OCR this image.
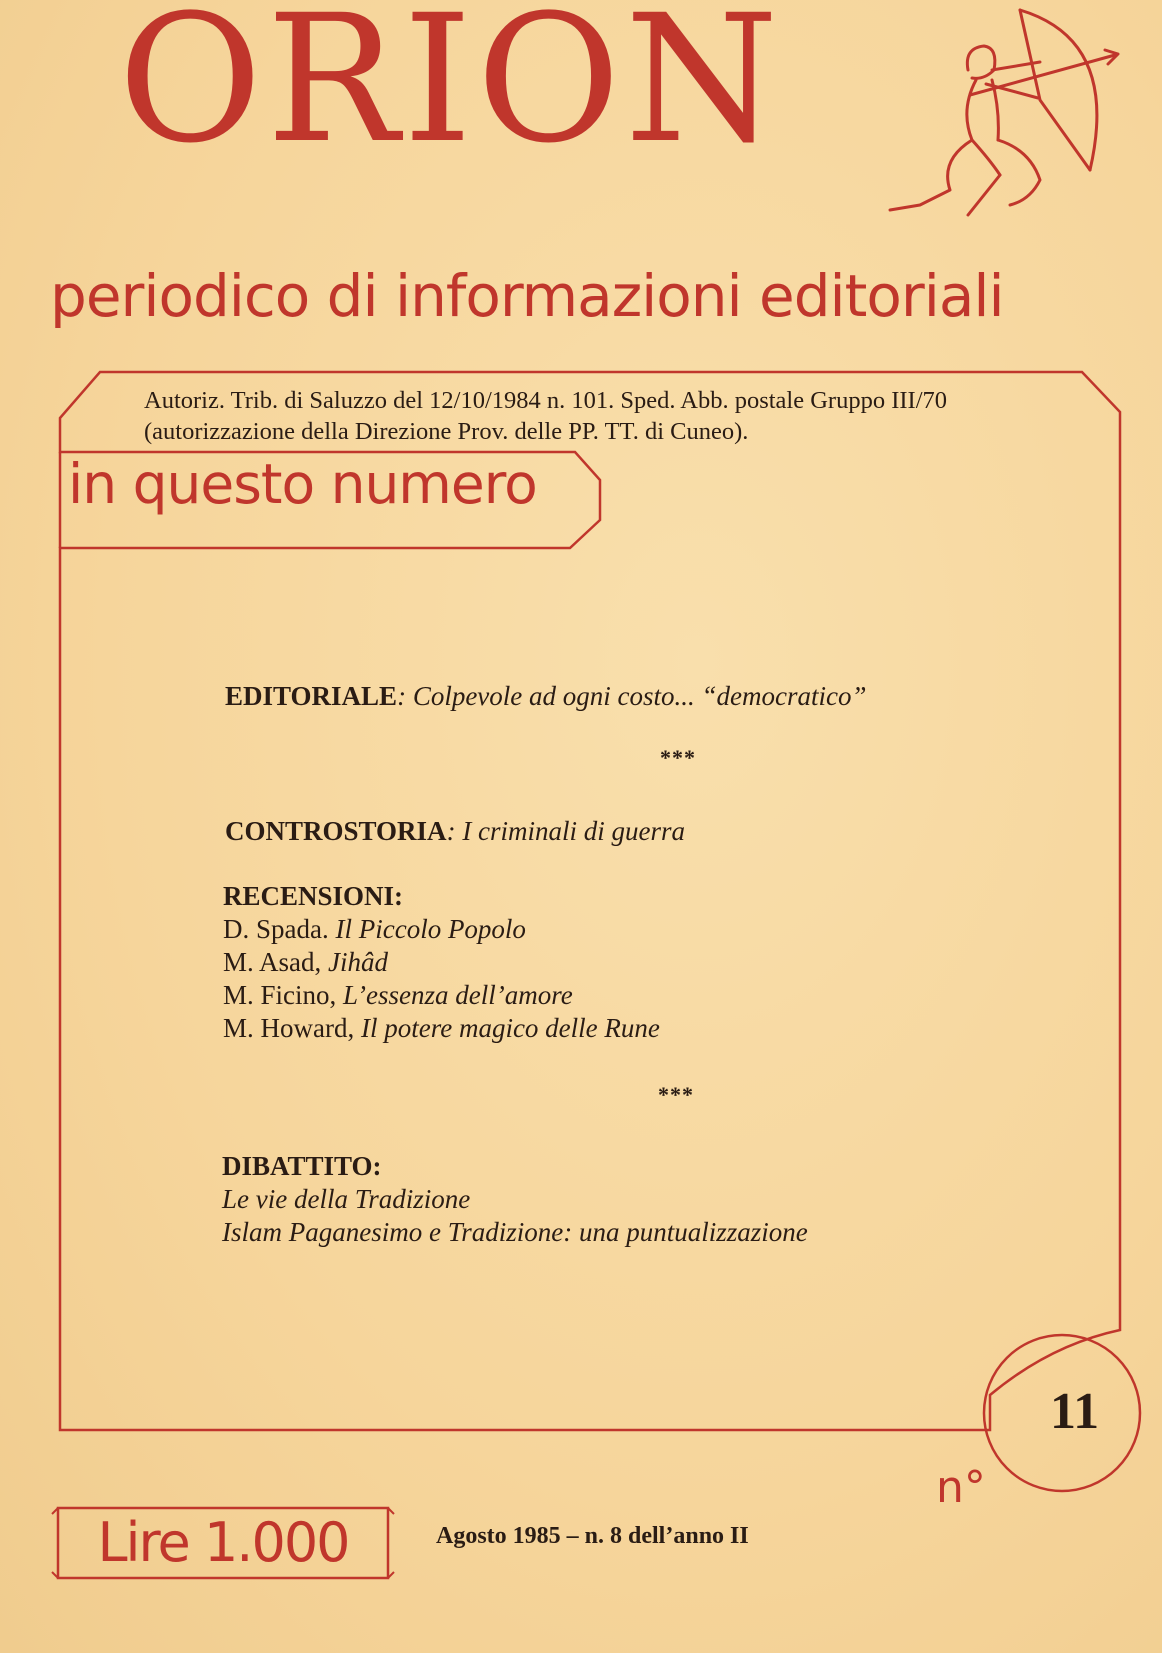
ORION
periodico di informazioni editoriali
Autoriz. Trib. di Saluzzo del 12/10/1984 n. 101. Sped. Abb. postale Gruppo III/70 (autorizzazione della Direzione Prov. delle PP. TT. di Cuneo).
in questo numero
EDITORIALE: Colpevole ad ogni costo... “democratico”
***
CONTROSTORIA: I criminali di guerra
RECENSIONI:
D. Spada. Il Piccolo Popolo
M. Asad, Jihâd
M. Ficino, L’essenza dell’amore
M. Howard, Il potere magico delle Rune
***
DIBATTITO:
Le vie della Tradizione
Islam Paganesimo e Tradizione: una puntualizzazione
11
n°
Lire 1.000	Agosto 1985 – n. 8 dell’anno II
